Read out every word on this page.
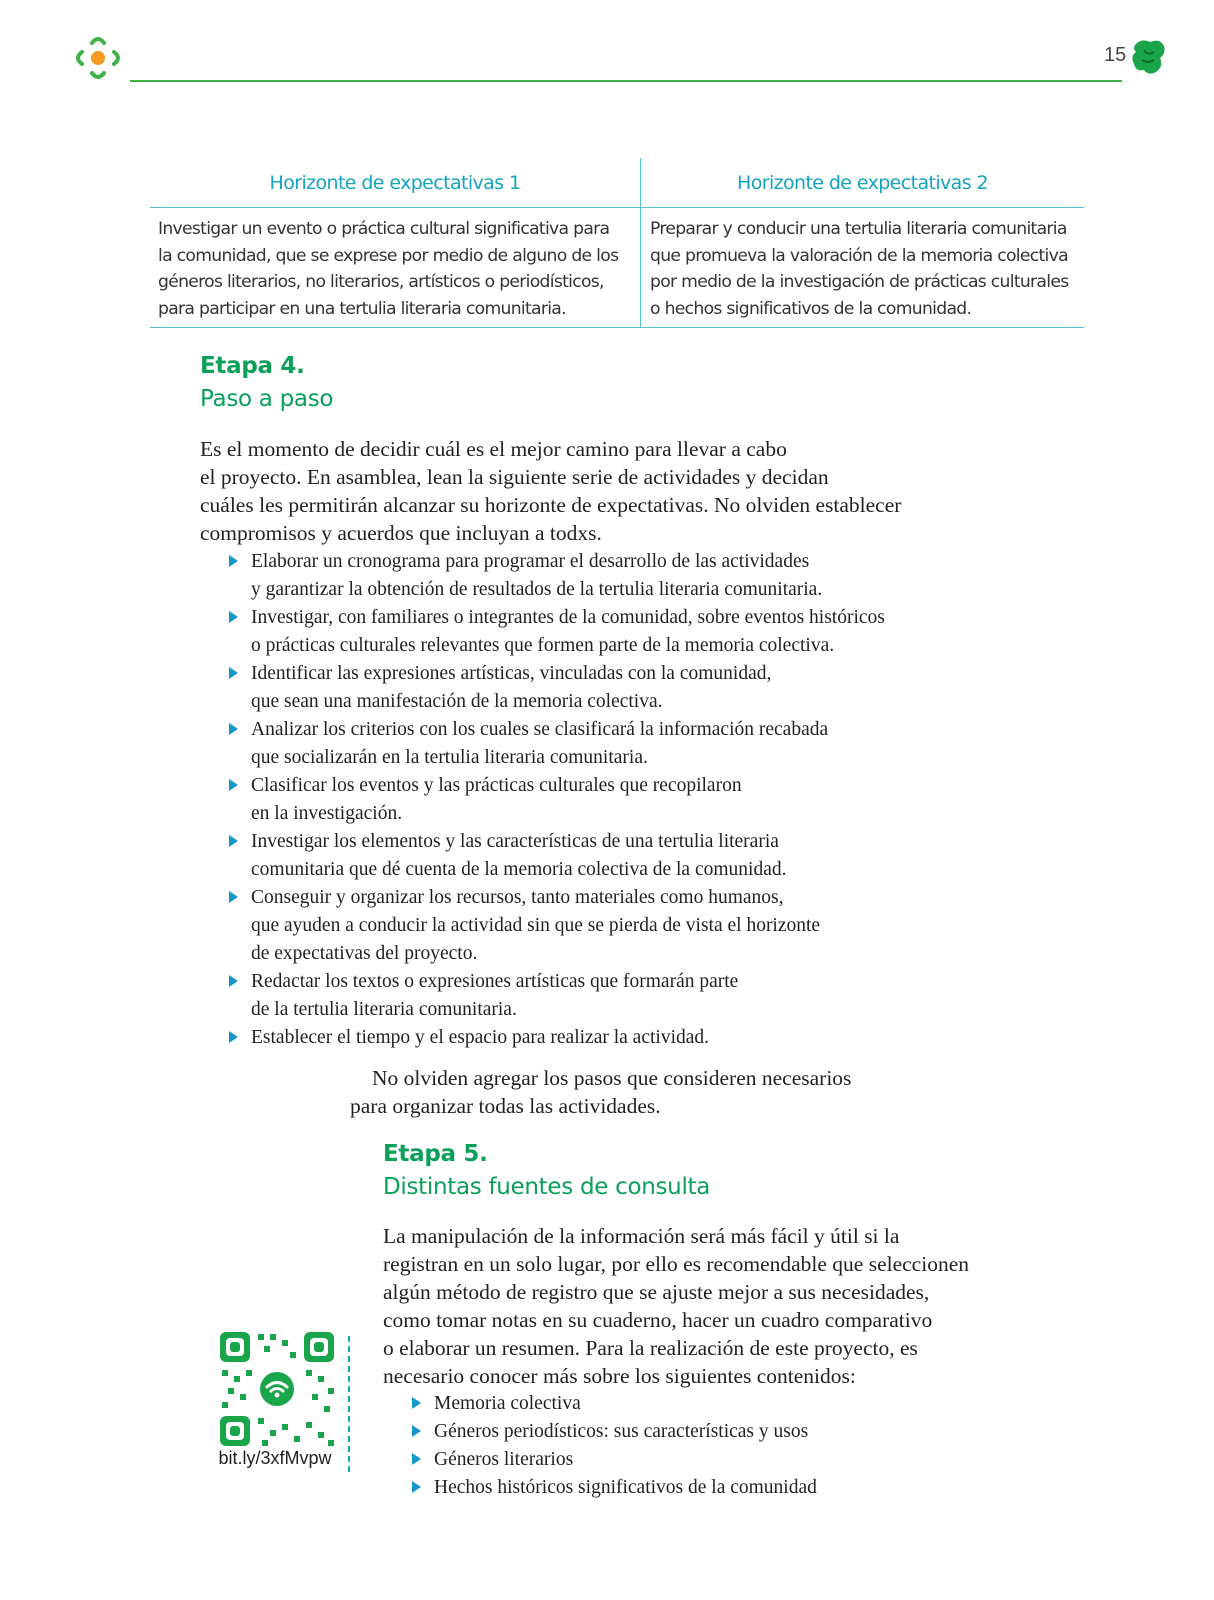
15
Horizonte de expectativas 1	Horizonte de expectativas 2
Investigar un evento o práctica cultural significativa para
la comunidad, que se exprese por medio de alguno de los
géneros literarios, no literarios, artísticos o periodísticos,
para participar en una tertulia literaria comunitaria.
Preparar y conducir una tertulia literaria comunitaria
que promueva la valoración de la memoria colectiva
por medio de la investigación de prácticas culturales
o hechos significativos de la comunidad.
Etapa 4.
Paso a paso
Es el momento de decidir cuál es el mejor camino para llevar a cabo
el proyecto. En asamblea, lean la siguiente serie de actividades y decidan
cuáles les permitirán alcanzar su horizonte de expectativas. No olviden establecer
compromisos y acuerdos que incluyan a todxs.
Elaborar un cronograma para programar el desarrollo de las actividades
y garantizar la obtención de resultados de la tertulia literaria comunitaria.
Investigar, con familiares o integrantes de la comunidad, sobre eventos históricos
o prácticas culturales relevantes que formen parte de la memoria colectiva.
Identificar las expresiones artísticas, vinculadas con la comunidad,
que sean una manifestación de la memoria colectiva.
Analizar los criterios con los cuales se clasificará la información recabada
que socializarán en la tertulia literaria comunitaria.
Clasificar los eventos y las prácticas culturales que recopilaron
en la investigación.
Investigar los elementos y las características de una tertulia literaria
comunitaria que dé cuenta de la memoria colectiva de la comunidad.
Conseguir y organizar los recursos, tanto materiales como humanos,
que ayuden a conducir la actividad sin que se pierda de vista el horizonte
de expectativas del proyecto.
Redactar los textos o expresiones artísticas que formarán parte
de la tertulia literaria comunitaria.
Establecer el tiempo y el espacio para realizar la actividad.
No olviden agregar los pasos que consideren necesarios
para organizar todas las actividades.
Etapa 5.
Distintas fuentes de consulta
La manipulación de la información será más fácil y útil si la
registran en un solo lugar, por ello es recomendable que seleccionen
algún método de registro que se ajuste mejor a sus necesidades,
como tomar notas en su cuaderno, hacer un cuadro comparativo
o elaborar un resumen. Para la realización de este proyecto, es
necesario conocer más sobre los siguientes contenidos:
Memoria colectiva
Géneros periodísticos: sus características y usos
Géneros literarios
Hechos históricos significativos de la comunidad
bit.ly/3xfMvpw
